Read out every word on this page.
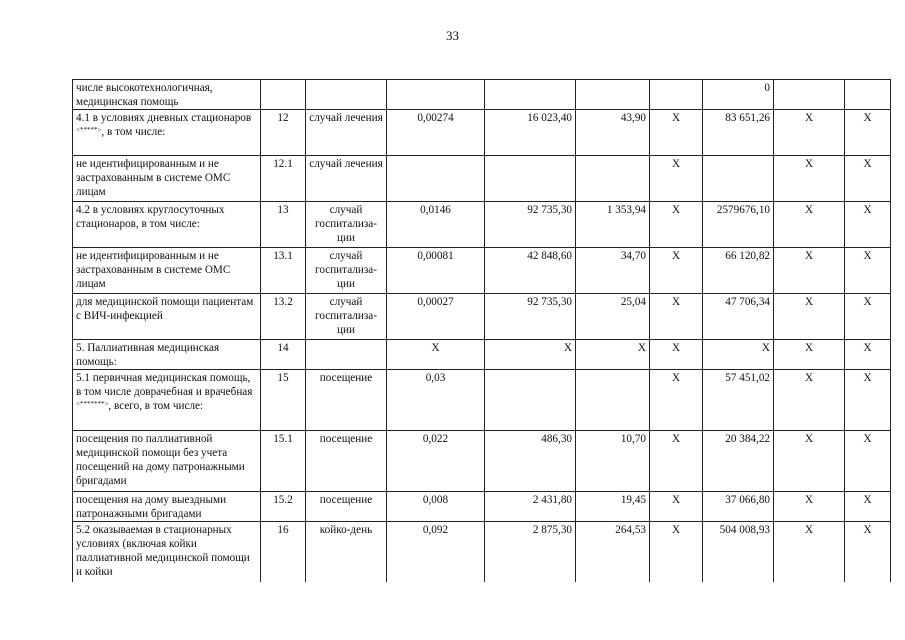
33
числе высокотехнологичная, медицинская помощь							0		
4.1 в условиях дневных стационаров <*****>, в том числе:	12	случай лечения	0,00274	16 023,40	43,90	X	83 651,26	X	X
не идентифицированным и не застрахованным в системе ОМС лицам	12.1	случай лечения				X		X	X
4.2 в условиях круглосуточных стационаров, в том числе:	13	случай госпитализа-ции	0,0146	92 735,30	1 353,94	X	2579676,10	X	X
не идентифицированным и не застрахованным в системе ОМС лицам	13.1	случай госпитализа-ции	0,00081	42 848,60	34,70	X	66 120,82	X	X
для медицинской помощи пациентам с ВИЧ-инфекцией	13.2	случай госпитализа-ции	0,00027	92 735,30	25,04	X	47 706,34	X	X
5. Паллиативная медицинская помощь:	14		X	X	X	X	X	X	X
5.1 первичная медицинская помощь, в том числе доврачебная и врачебная <*******>, всего, в том числе:	15	посещение	0,03			X	57 451,02	X	X
посещения по паллиативной медицинской помощи без учета посещений на дому патронажными бригадами	15.1	посещение	0,022	486,30	10,70	X	20 384,22	X	X
посещения на дому выездными патронажными бригадами	15.2	посещение	0,008	2 431,80	19,45	X	37 066,80	X	X
5.2 оказываемая в стационарных условиях (включая койки паллиативной медицинской помощи и койки	16	койко-день	0,092	2 875,30	264,53	X	504 008,93	X	X
